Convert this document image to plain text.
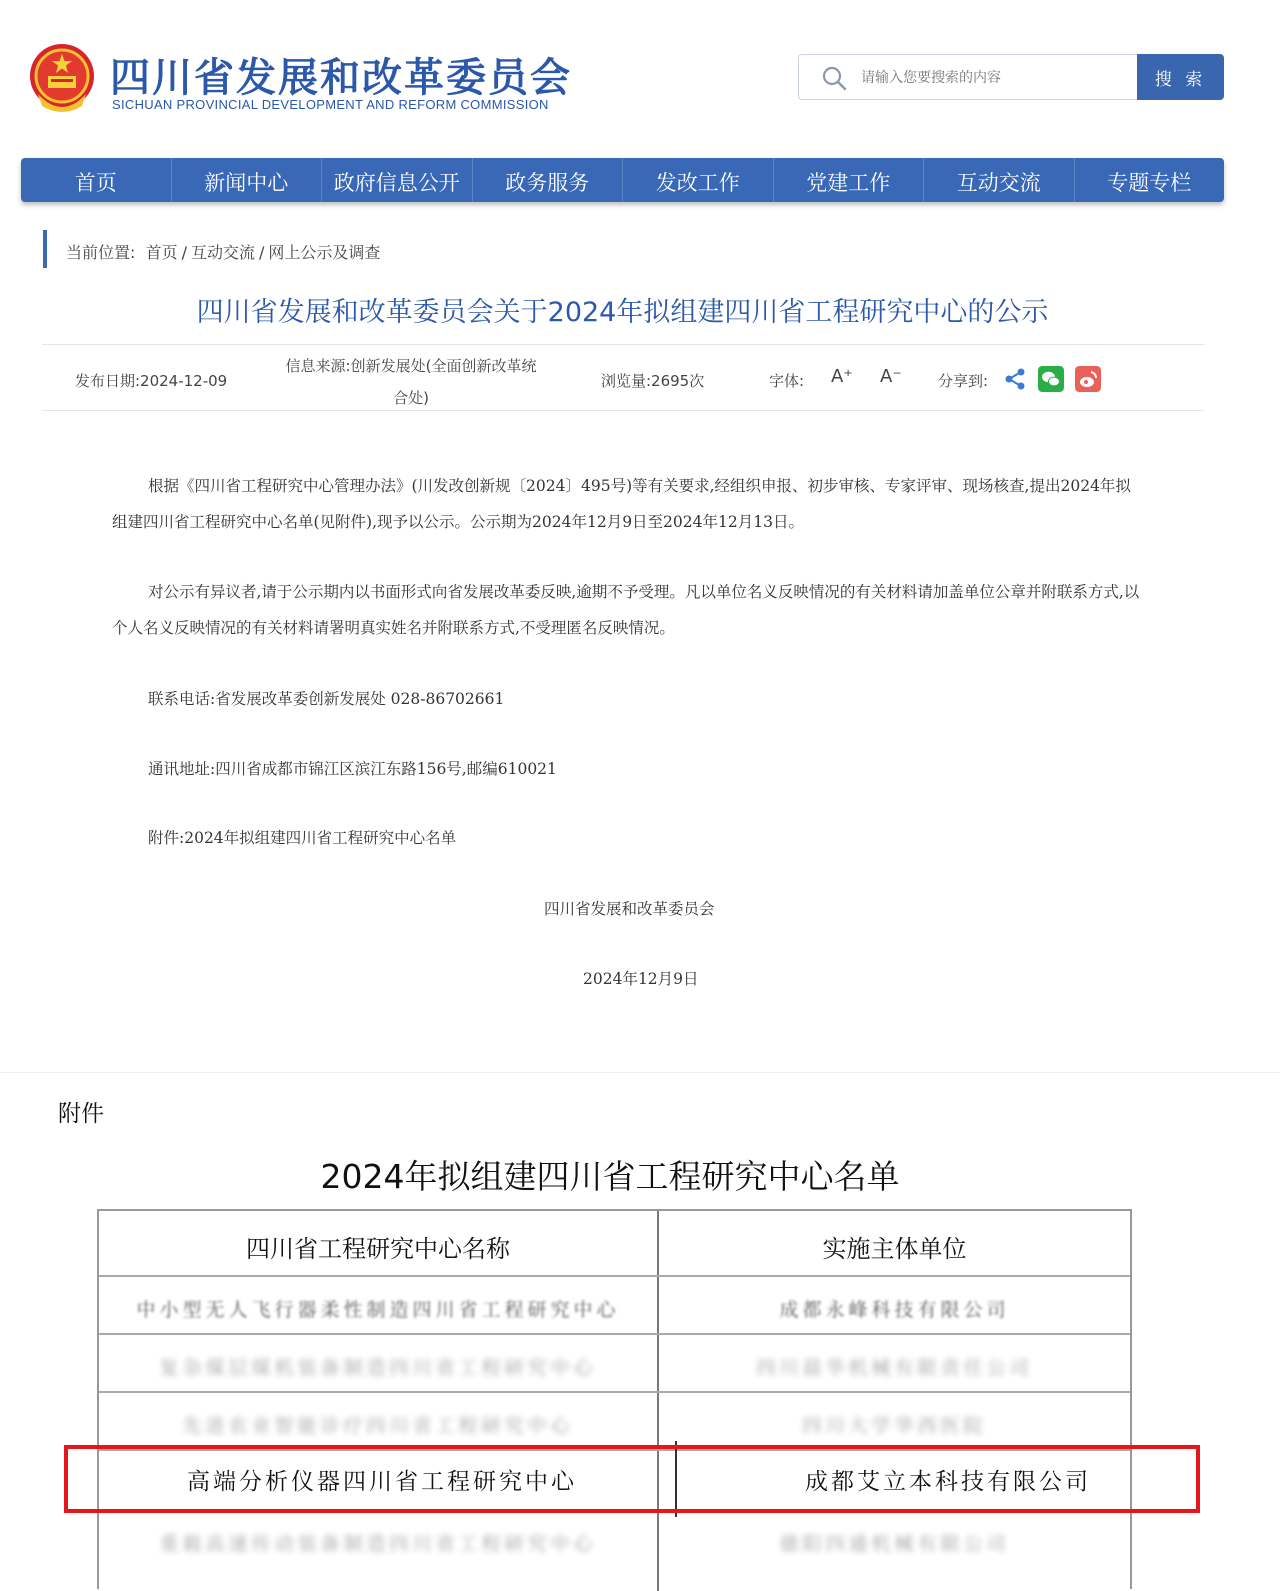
四川省发展和改革委员会
SICHUAN PROVINCIAL DEVELOPMENT AND REFORM COMMISSION
请输入您要搜索的内容
搜 索
首页	新闻中心	政府信息公开	政务服务	发改工作	党建工作	互动交流	专题专栏
当前位置: 首页 / 互动交流 / 网上公示及调查
四川省发展和改革委员会关于2024年拟组建四川省工程研究中心的公示
发布日期:2024-12-09
信息来源:创新发展处(全面创新改革统
合处)
浏览量:2695次	字体: A⁺ A⁻ 分享到:
根据《四川省工程研究中心管理办法》(川发改创新规〔2024〕495号)等有关要求,经组织申报、初步审核、专家评审、现场核查,提出2024年拟组建四川省工程研究中心名单(见附件),现予以公示。公示期为2024年12月9日至2024年12月13日。
对公示有异议者,请于公示期内以书面形式向省发展改革委反映,逾期不予受理。凡以单位名义反映情况的有关材料请加盖单位公章并附联系方式,以个人名义反映情况的有关材料请署明真实姓名并附联系方式,不受理匿名反映情况。
联系电话:省发展改革委创新发展处 028-86702661
通讯地址:四川省成都市锦江区滨江东路156号,邮编610021
附件:2024年拟组建四川省工程研究中心名单
四川省发展和改革委员会
2024年12月9日
附件
2024年拟组建四川省工程研究中心名单
四川省工程研究中心名称	实施主体单位
中小型无人飞行器柔性制造四川省工程研究中心	成都永峰科技有限公司
复杂煤层煤机装备制造四川省工程研究中心	四川晨华机械有限责任公司
先进农业智能诊疗四川省工程研究中心	四川大学华西医院
重载高速传动装备制造四川省工程研究中心	德阳四通机械有限公司
高端分析仪器四川省工程研究中心	成都艾立本科技有限公司
